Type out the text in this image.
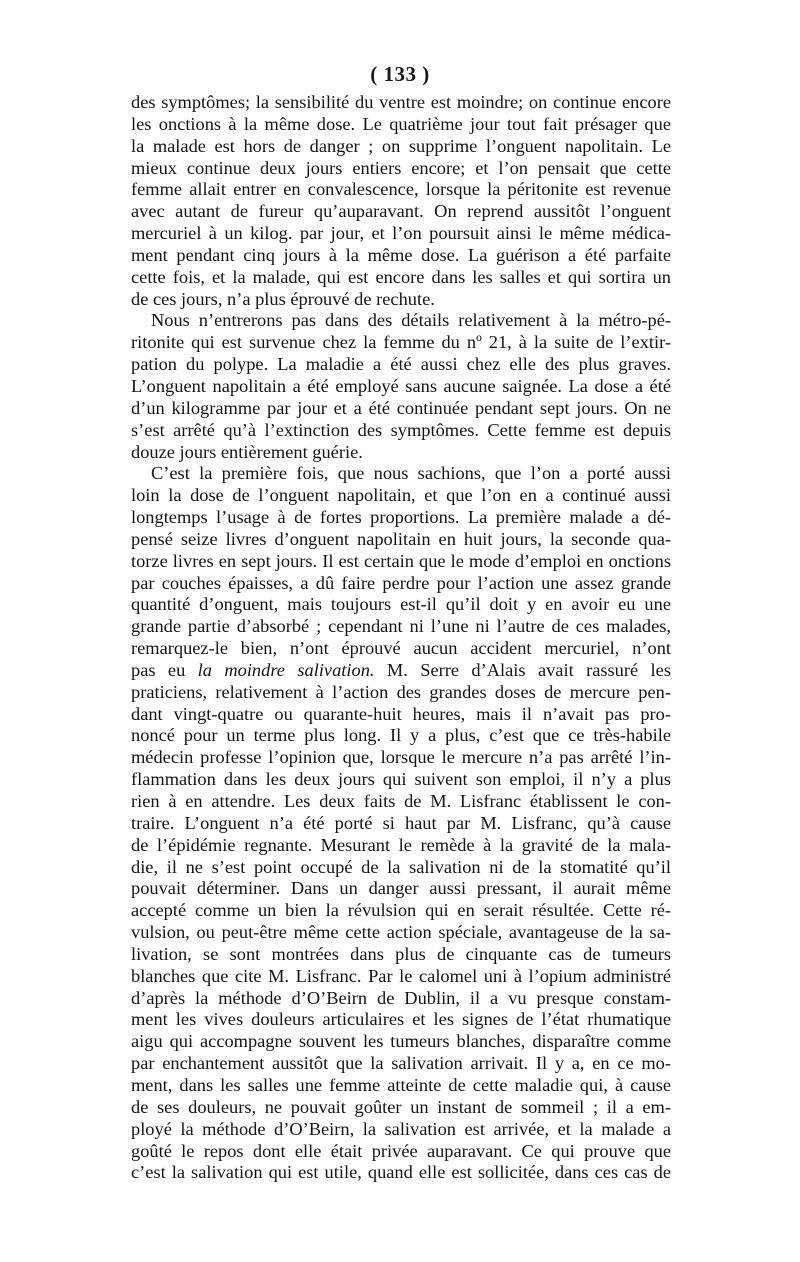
( 133 )
des symptômes; la sensibilité du ventre est moindre; on continue encore
les onctions à la même dose. Le quatrième jour tout fait présager que
la malade est hors de danger ; on supprime l’onguent napolitain. Le
mieux continue deux jours entiers encore; et l’on pensait que cette
femme allait entrer en convalescence, lorsque la péritonite est revenue
avec autant de fureur qu’auparavant. On reprend aussitôt l’onguent
mercuriel à un kilog. par jour, et l’on poursuit ainsi le même médica-
ment pendant cinq jours à la même dose. La guérison a été parfaite
cette fois, et la malade, qui est encore dans les salles et qui sortira un
de ces jours, n’a plus éprouvé de rechute.
Nous n’entrerons pas dans des détails relativement à la métro-pé-
ritonite qui est survenue chez la femme du nº 21, à la suite de l’extir-
pation du polype. La maladie a été aussi chez elle des plus graves.
L’onguent napolitain a été employé sans aucune saignée. La dose a été
d’un kilogramme par jour et a été continuée pendant sept jours. On ne
s’est arrêté qu’à l’extinction des symptômes. Cette femme est depuis
douze jours entièrement guérie.
C’est la première fois, que nous sachions, que l’on a porté aussi
loin la dose de l’onguent napolitain, et que l’on en a continué aussi
longtemps l’usage à de fortes proportions. La première malade a dé-
pensé seize livres d’onguent napolitain en huit jours, la seconde qua-
torze livres en sept jours. Il est certain que le mode d’emploi en onctions
par couches épaisses, a dû faire perdre pour l’action une assez grande
quantité d’onguent, mais toujours est-il qu’il doit y en avoir eu une
grande partie d’absorbé ; cependant ni l’une ni l’autre de ces malades,
remarquez-le bien, n’ont éprouvé aucun accident mercuriel, n’ont
pas eu la moindre salivation. M. Serre d’Alais avait rassuré les
praticiens, relativement à l’action des grandes doses de mercure pen-
dant vingt-quatre ou quarante-huit heures, mais il n’avait pas pro-
noncé pour un terme plus long. Il y a plus, c’est que ce très-habile
médecin professe l’opinion que, lorsque le mercure n’a pas arrêté l’in-
flammation dans les deux jours qui suivent son emploi, il n’y a plus
rien à en attendre. Les deux faits de M. Lisfranc établissent le con-
traire. L’onguent n’a été porté si haut par M. Lisfranc, qu’à cause
de l’épidémie regnante. Mesurant le remède à la gravité de la mala-
die, il ne s’est point occupé de la salivation ni de la stomatité qu’il
pouvait déterminer. Dans un danger aussi pressant, il aurait même
accepté comme un bien la révulsion qui en serait résultée. Cette ré-
vulsion, ou peut-être même cette action spéciale, avantageuse de la sa-
livation, se sont montrées dans plus de cinquante cas de tumeurs
blanches que cite M. Lisfranc. Par le calomel uni à l’opium administré
d’après la méthode d’O’Beirn de Dublin, il a vu presque constam-
ment les vives douleurs articulaires et les signes de l’état rhumatique
aigu qui accompagne souvent les tumeurs blanches, disparaître comme
par enchantement aussitôt que la salivation arrivait. Il y a, en ce mo-
ment, dans les salles une femme atteinte de cette maladie qui, à cause
de ses douleurs, ne pouvait goûter un instant de sommeil ; il a em-
ployé la méthode d’O’Beirn, la salivation est arrivée, et la malade a
goûté le repos dont elle était privée auparavant. Ce qui prouve que
c’est la salivation qui est utile, quand elle est sollicitée, dans ces cas de
